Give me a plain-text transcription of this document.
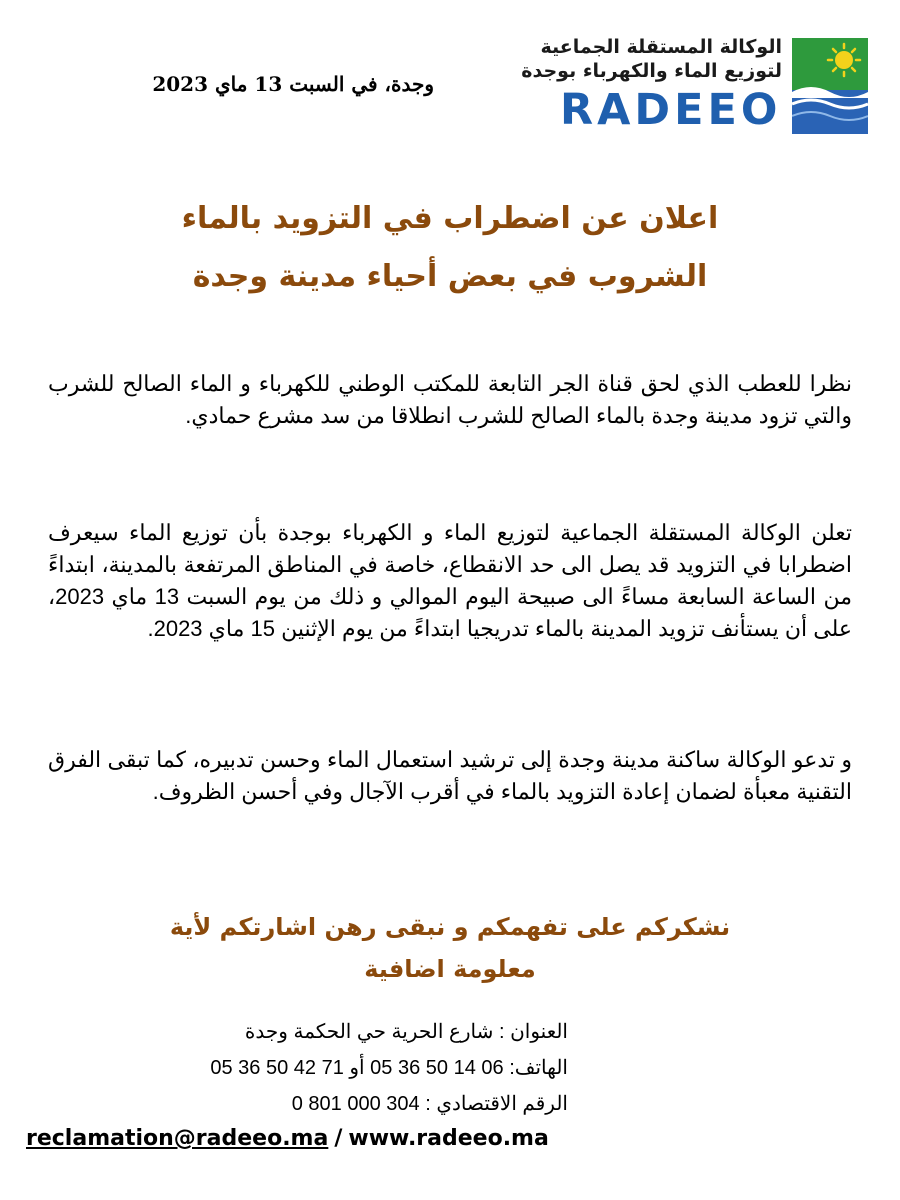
الوكالة المستقلة الجماعية
لتوزيع الماء والكهرباء بوجدة
RADEEO
وجدة، في السبت 13 ماي 2023
اعلان عن اضطراب في التزويد بالماء
الشروب في بعض أحياء مدينة وجدة

نظرا للعطب الذي لحق قناة الجر التابعة للمكتب الوطني للكهرباء و الماء الصالح للشرب والتي تزود مدينة وجدة بالماء الصالح للشرب انطلاقا من سد مشرع حمادي.

تعلن الوكالة المستقلة الجماعية لتوزيع الماء و الكهرباء بوجدة بأن توزيع الماء سيعرف اضطرابا في التزويد قد يصل الى حد الانقطاع، خاصة في المناطق المرتفعة بالمدينة، ابتداءً من الساعة السابعة مساءً الى صبيحة اليوم الموالي و ذلك من يوم السبت 13 ماي 2023، على أن يستأنف تزويد المدينة بالماء تدريجيا ابتداءً من يوم الإثنين 15 ماي 2023.

و تدعو الوكالة ساكنة مدينة وجدة إلى ترشيد استعمال الماء وحسن تدبيره، كما تبقى الفرق التقنية معبأة لضمان إعادة التزويد بالماء في أقرب الآجال وفي أحسن الظروف.

نشكركم على تفهمكم و نبقى رهن اشارتكم لأية
معلومة اضافية
العنوان : شارع الحرية حي الحكمة وجدة
الهاتف: 05 36 50 14 06 أو 05 36 50 42 71
الرقم الاقتصادي : 0 801 000 304
reclamation@radeeo.ma / www.radeeo.ma
